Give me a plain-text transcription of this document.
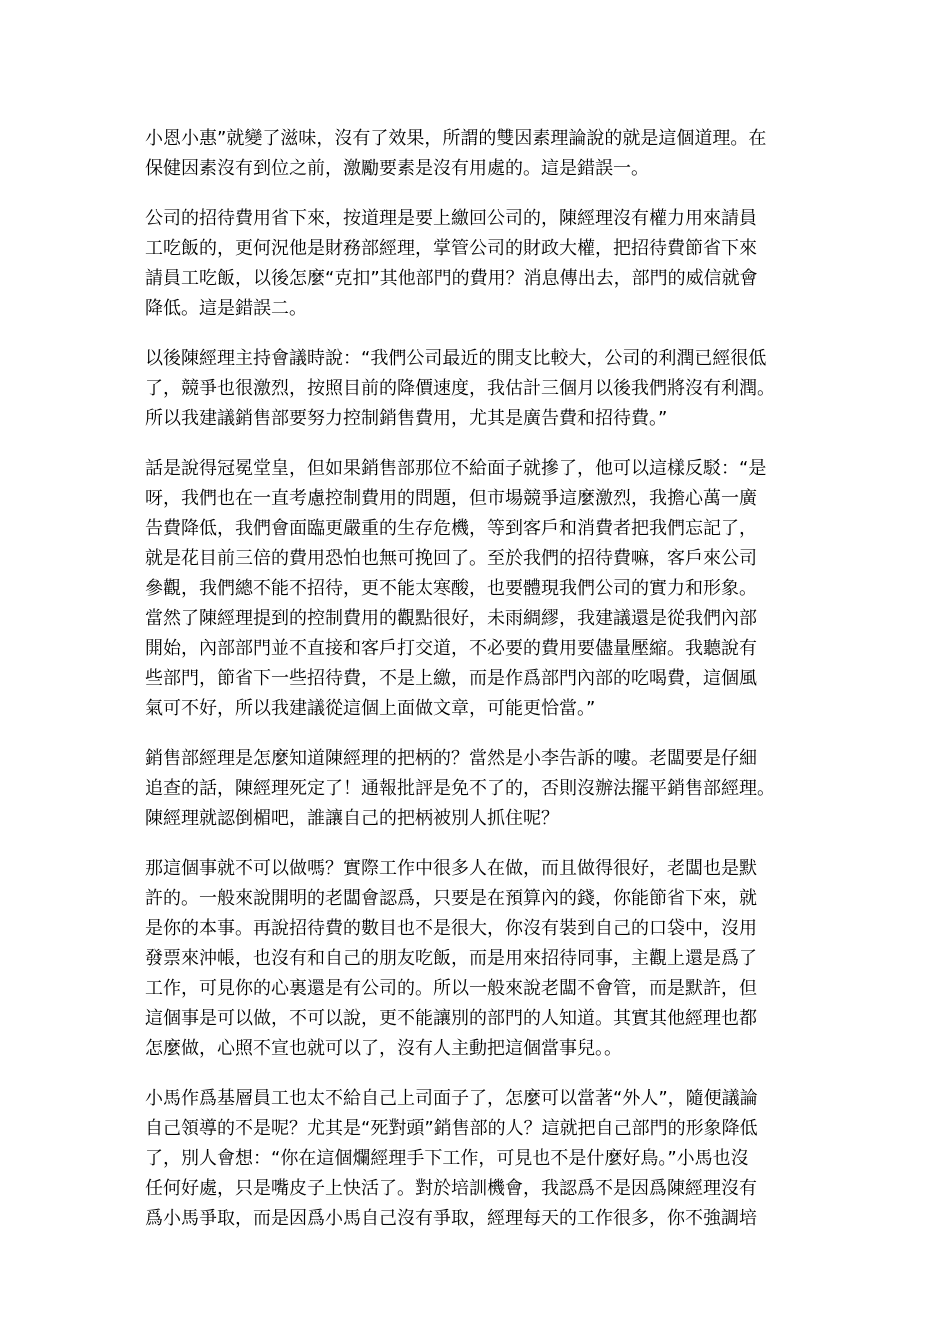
小恩小惠”就變了滋味，沒有了效果，所謂的雙因素理論說的就是這個道理。在
保健因素沒有到位之前，激勵要素是沒有用處的。這是錯誤一。
公司的招待費用省下來，按道理是要上繳回公司的，陳經理沒有權力用來請員
工吃飯的，更何況他是財務部經理，掌管公司的財政大權，把招待費節省下來
請員工吃飯，以後怎麼“克扣”其他部門的費用？消息傳出去，部門的威信就會
降低。這是錯誤二。
以後陳經理主持會議時說：“我們公司最近的開支比較大，公司的利潤已經很低
了，競爭也很激烈，按照目前的降價速度，我估計三個月以後我們將沒有利潤。
所以我建議銷售部要努力控制銷售費用，尤其是廣告費和招待費。”
話是說得冠冕堂皇，但如果銷售部那位不給面子就摻了，他可以這樣反駁：“是
呀，我們也在一直考慮控制費用的問題，但市場競爭這麼激烈，我擔心萬一廣
告費降低，我們會面臨更嚴重的生存危機，等到客戶和消費者把我們忘記了，
就是花目前三倍的費用恐怕也無可挽回了。至於我們的招待費嘛，客戶來公司
參觀，我們總不能不招待，更不能太寒酸，也要體現我們公司的實力和形象。
當然了陳經理提到的控制費用的觀點很好，未雨綢繆，我建議還是從我們內部
開始，內部部門並不直接和客戶打交道，不必要的費用要儘量壓縮。我聽說有
些部門，節省下一些招待費，不是上繳，而是作爲部門內部的吃喝費，這個風
氣可不好，所以我建議從這個上面做文章，可能更恰當。”
銷售部經理是怎麼知道陳經理的把柄的？當然是小李告訴的嘍。老闆要是仔細
追查的話，陳經理死定了！通報批評是免不了的，否則沒辦法擺平銷售部經理。
陳經理就認倒楣吧，誰讓自己的把柄被別人抓住呢？
那這個事就不可以做嗎？實際工作中很多人在做，而且做得很好，老闆也是默
許的。一般來說開明的老闆會認爲，只要是在預算內的錢，你能節省下來，就
是你的本事。再說招待費的數目也不是很大，你沒有裝到自己的口袋中，沒用
發票來沖帳，也沒有和自己的朋友吃飯，而是用來招待同事，主觀上還是爲了
工作，可見你的心裏還是有公司的。所以一般來說老闆不會管，而是默許，但
這個事是可以做，不可以說，更不能讓別的部門的人知道。其實其他經理也都
怎麼做，心照不宣也就可以了，沒有人主動把這個當事兒。。
小馬作爲基層員工也太不給自己上司面子了，怎麼可以當著“外人”，隨便議論
自己領導的不是呢？尤其是“死對頭”銷售部的人？這就把自己部門的形象降低
了，別人會想：“你在這個爛經理手下工作，可見也不是什麼好鳥。”小馬也沒
任何好處，只是嘴皮子上快活了。對於培訓機會，我認爲不是因爲陳經理沒有
爲小馬爭取，而是因爲小馬自己沒有爭取，經理每天的工作很多，你不強調培
